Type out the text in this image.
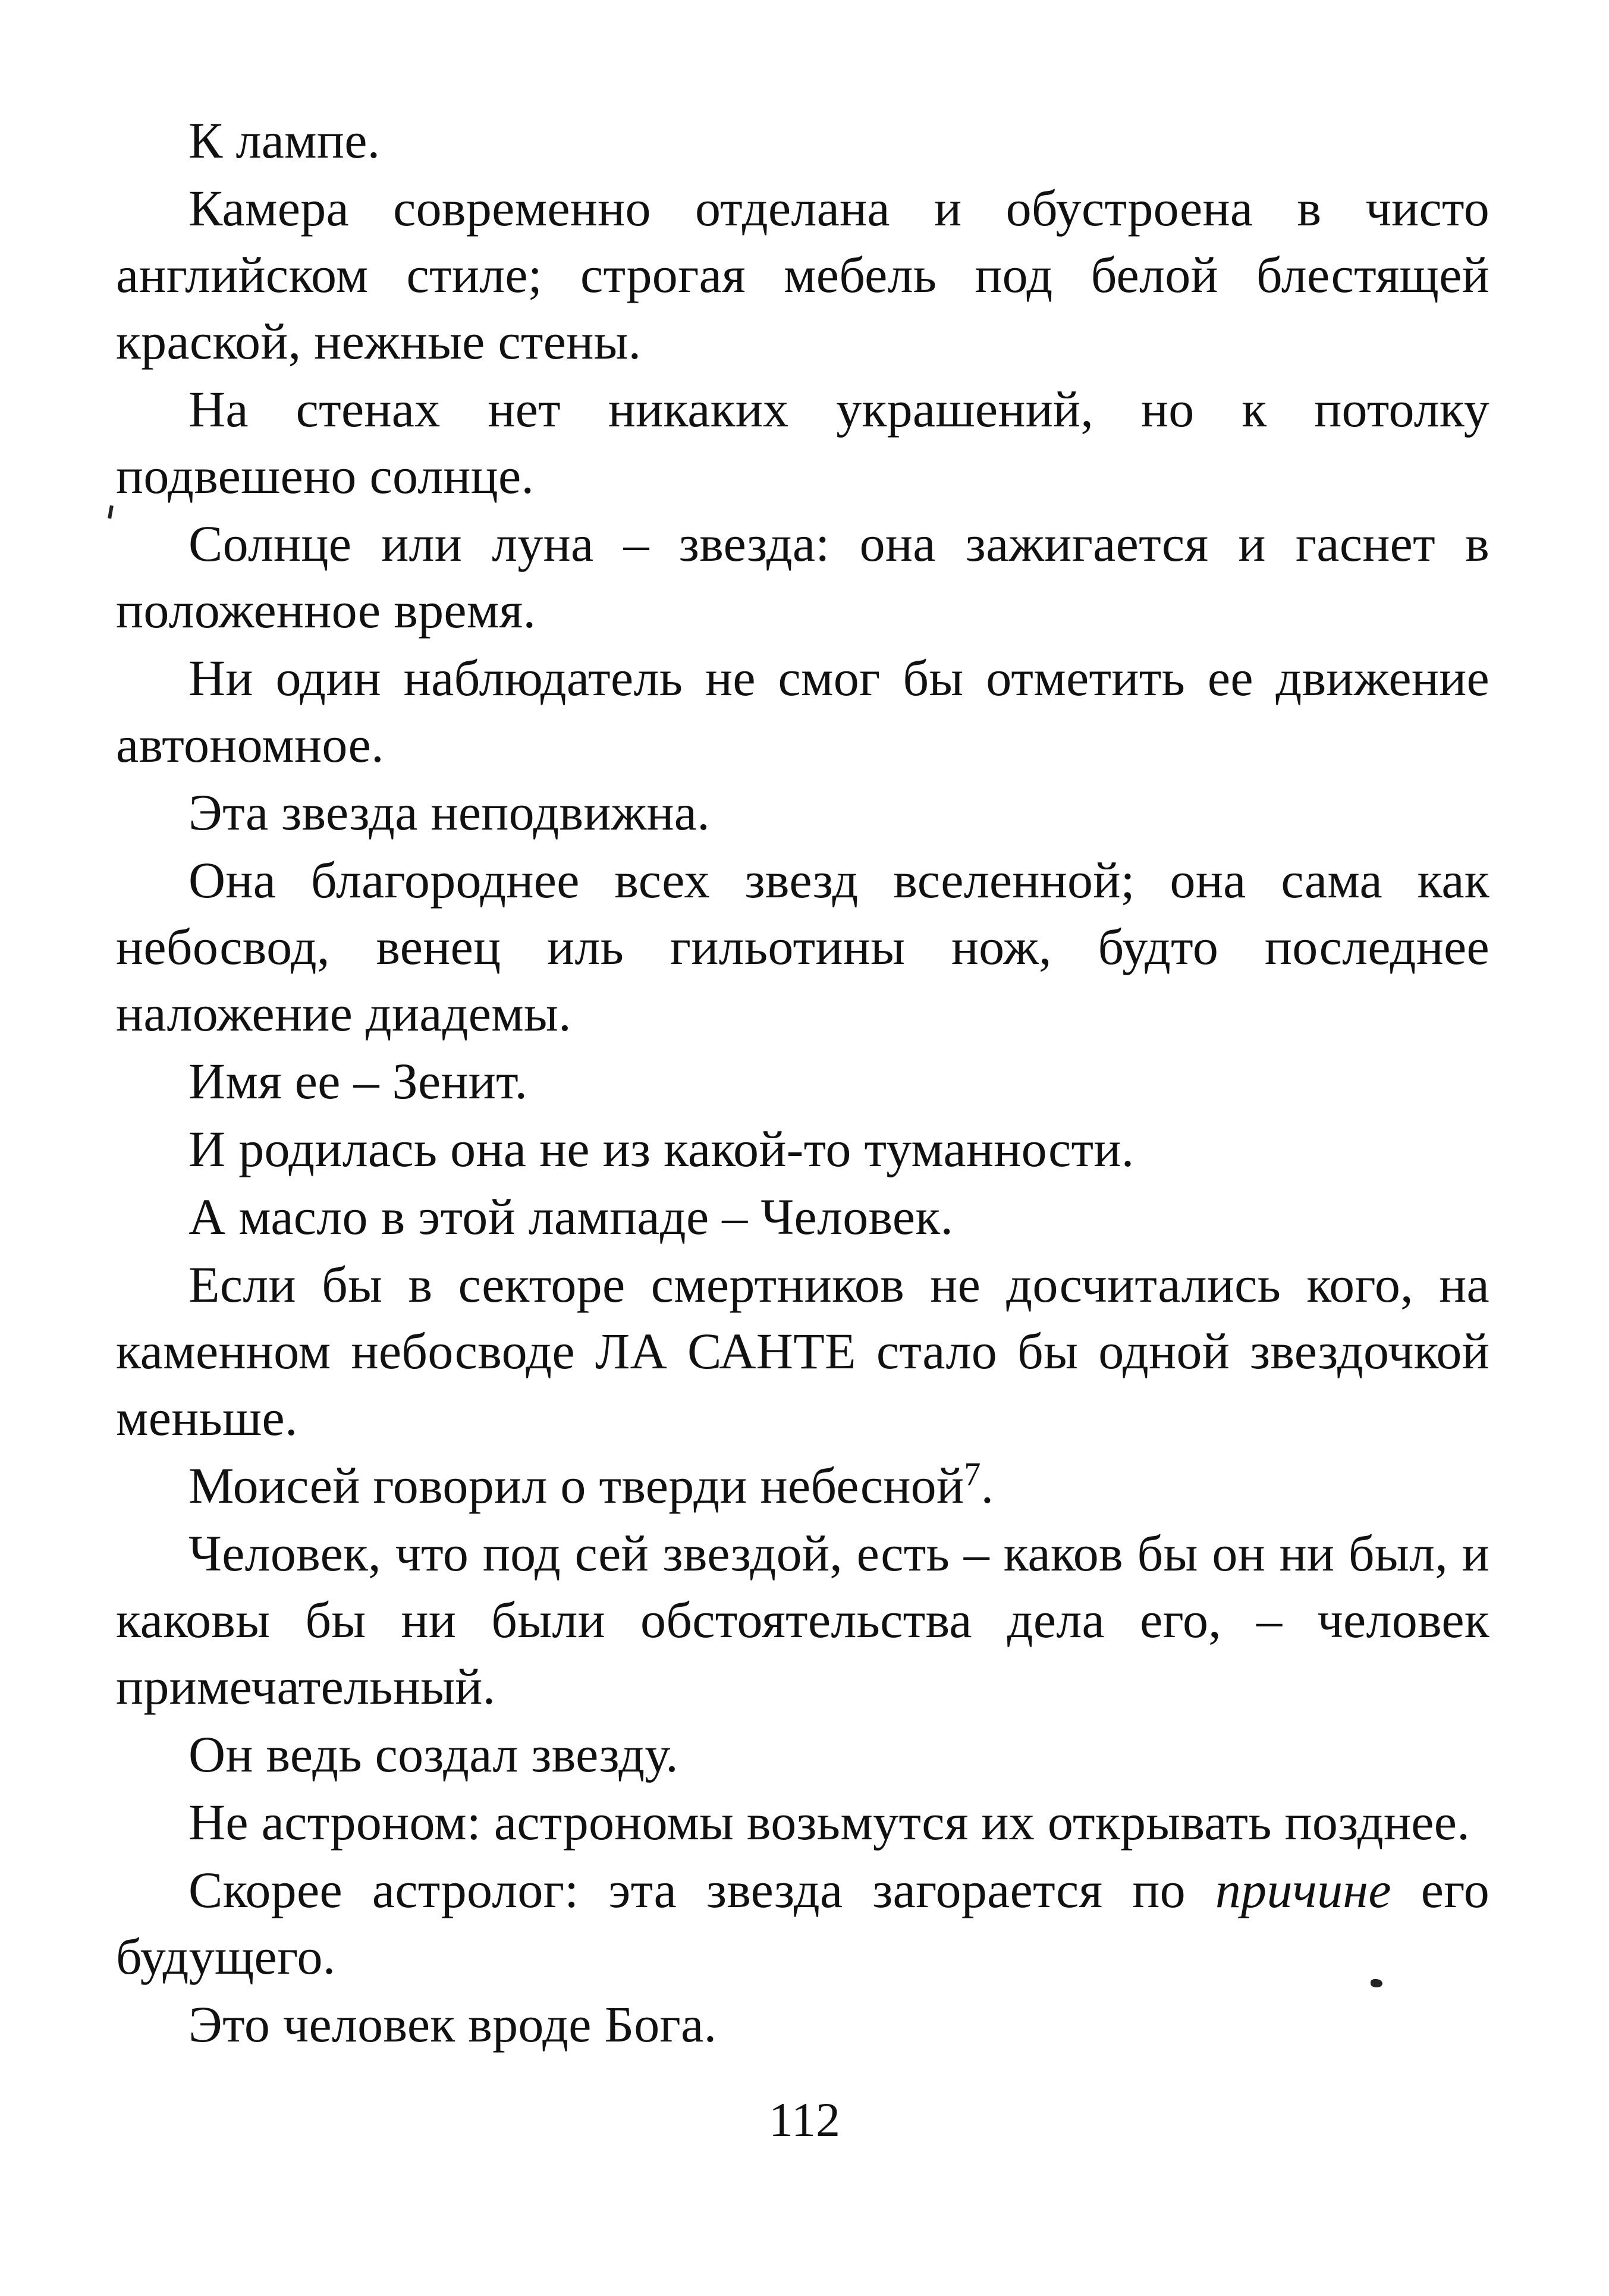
К лампе.

Камера современно отделана и обустроена в чисто английском стиле; строгая мебель под белой блестящей краской, нежные стены.

На стенах нет никаких украшений, но к потолку подвешено солнце.

Солнце или луна – звезда: она зажигается и гаснет в положенное время.

Ни один наблюдатель не смог бы отметить ее движение автономное.

Эта звезда неподвижна.

Она благороднее всех звезд вселенной; она сама как небосвод, венец иль гильотины нож, будто последнее наложение диадемы.

Имя ее – Зенит.

И родилась она не из какой-то туманности.

А масло в этой лампаде – Человек.

Если бы в секторе смертников не досчитались кого, на каменном небосводе ЛА САНТЕ стало бы одной звездочкой меньше.

Моисей говорил о тверди небесной$^7$.

Человек, что под сей звездой, есть – каков бы он ни был, и каковы бы ни были обстоятельства дела его, – человек примечательный.

Он ведь создал звезду.

Не астроном: астрономы возьмутся их открывать позднее.

Скорее астролог: эта звезда загорается по причине его будущего.

Это человек вроде Бога.

112
